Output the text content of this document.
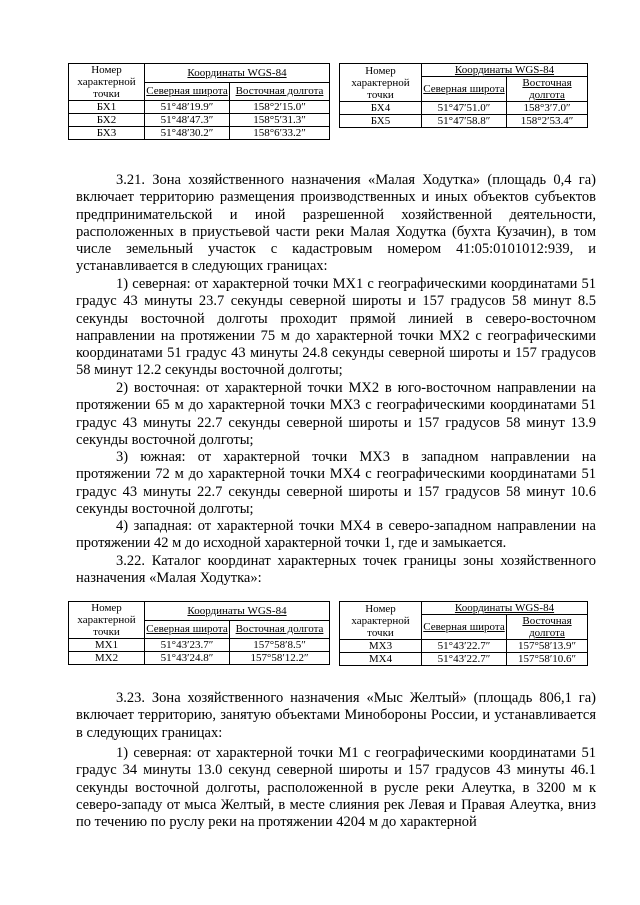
Номер характерной точки	Координаты WGS-84	
	Северная широта	Восточная долгота
БХ1	51°48′19.9″	158°2′15.0″
БХ2	51°48′47.3″	158°5′31.3″
БХ3	51°48′30.2″	158°6′33.2″
Номер характерной точки	Координаты WGS-84	
	Северная широта	Восточная долгота
БХ4	51°47′51.0″	158°3′7.0″
БХ5	51°47′58.8″	158°2′53.4″

3.21. Зона хозяйственного назначения «Малая Ходутка» (площадь 0,4 га) включает территорию размещения производственных и иных объектов субъектов предпринимательской и иной разрешенной хозяйственной деятельности, расположенных в приустьевой части реки Малая Ходутка (бухта Кузачин), в том числе земельный участок с кадастровым номером 41:05:0101012:939, и устанавливается в следующих границах:

1) северная: от характерной точки МХ1 с географическими координатами 51 градус 43 минуты 23.7 секунды северной широты и 157 градусов 58 минут 8.5 секунды восточной долготы проходит прямой линией в северо-восточном направлении на протяжении 75 м до характерной точки МХ2 с географическими координатами 51 градус 43 минуты 24.8 секунды северной широты и 157 градусов 58 минут 12.2 секунды восточной долготы;

2) восточная: от характерной точки МХ2 в юго-восточном направлении на протяжении 65 м до характерной точки МХ3 с географическими координатами 51 градус 43 минуты 22.7 секунды северной широты и 157 градусов 58 минут 13.9 секунды восточной долготы;

3) южная: от характерной точки МХ3 в западном направлении на протяжении 72 м до характерной точки МХ4 с географическими координатами 51 градус 43 минуты 22.7 секунды северной широты и 157 градусов 58 минут 10.6 секунды восточной долготы;

4) западная: от характерной точки МХ4 в северо-западном направлении на протяжении 42 м до исходной характерной точки 1, где и замыкается.

3.22. Каталог координат характерных точек границы зоны хозяйственного назначения «Малая Ходутка»:

Номер характерной точки	Координаты WGS-84	
	Северная широта	Восточная долгота
МХ1	51°43′23.7″	157°58′8.5″
МХ2	51°43′24.8″	157°58′12.2″
Номер характерной точки	Координаты WGS-84	
	Северная широта	Восточная долгота
МХ3	51°43′22.7″	157°58′13.9″
МХ4	51°43′22.7″	157°58′10.6″

3.23. Зона хозяйственного назначения «Мыс Желтый» (площадь 806,1 га) включает территорию, занятую объектами Минобороны России, и устанавливается в следующих границах:

1) северная: от характерной точки М1 с географическими координатами 51 градус 34 минуты 13.0 секунд северной широты и 157 градусов 43 минуты 46.1 секунды восточной долготы, расположенной в русле реки Алеутка, в 3200 м к северо-западу от мыса Желтый, в месте слияния рек Левая и Правая Алеутка, вниз по течению по руслу реки на протяжении 4204 м до характерной
